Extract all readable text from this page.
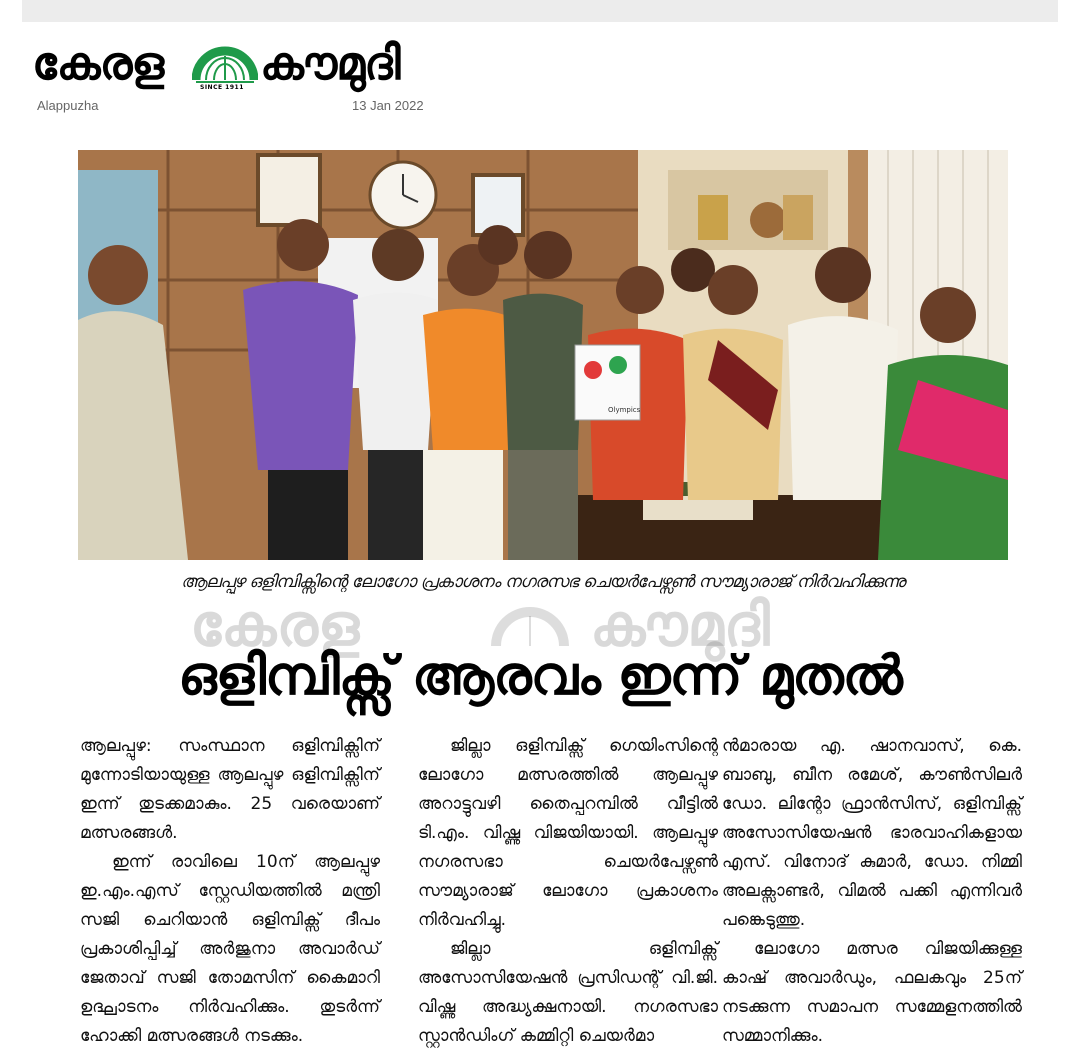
കേരള	SINCE 1911 കൗമുദി
Alappuzha	13 Jan 2022
Olympics
ആലപ്പുഴ ഒളിമ്പിക്സിന്റെ ലോഗോ പ്രകാശനം നഗരസഭ ചെയർപേഴ്സൺ സൗമ്യാരാജ് നിർവഹിക്കുന്നു
കേരള	കൗമുദി
ഒളിമ്പിക്സ് ആരവം ഇന്ന് മുതൽ

ആലപ്പുഴ: സംസ്ഥാന ഒളിമ്പിക്സിന് മുന്നോടിയായുള്ള ആലപ്പുഴ ഒളിമ്പിക്സിന് ഇന്ന് തുടക്കമാകും. 25 വരെയാണ് മത്സരങ്ങൾ.

ഇന്ന് രാവിലെ 10ന് ആലപ്പുഴ ഇ.എം.എസ് സ്റ്റേഡിയത്തിൽ മന്ത്രി സജി ചെറിയാൻ ഒളിമ്പിക്സ് ദീപം പ്രകാശിപ്പിച്ച് അർജുനാ അവാർഡ് ജേതാവ് സജി തോമസിന് കൈമാറി ഉദ്ഘാടനം നിർവഹിക്കും. തുടർന്ന് ഹോക്കി മത്സരങ്ങൾ നടക്കും.

ജില്ലാ ഒളിമ്പിക്സ് ഗെയിംസിന്റെ ലോഗോ മത്സരത്തിൽ ആലപ്പുഴ അറാട്ടുവഴി തൈപ്പറമ്പിൽ വീട്ടിൽ ടി.എം. വിഷ്ണു വിജയിയായി. ആലപ്പുഴ നഗരസഭാ ചെയർപേഴ്സൺ സൗമ്യാരാജ് ലോഗോ പ്രകാശനം നിർവഹിച്ചു.

ജില്ലാ ഒളിമ്പിക്സ് അസോസിയേഷൻ പ്രസിഡന്റ് വി.ജി. വിഷ്ണു അദ്ധ്യക്ഷനായി. നഗരസഭാ സ്റ്റാൻഡിംഗ് കമ്മിറ്റി ചെയർമാ

ൻമാരായ എ. ഷാനവാസ്, കെ. ബാബു, ബീന രമേശ്, കൗൺസിലർ ഡോ. ലിന്റോ ഫ്രാൻസിസ്, ഒളിമ്പിക്സ് അസോസിയേഷൻ ഭാരവാഹികളായ എസ്. വിനോദ് കുമാർ, ഡോ. നിമ്മി അലക്സാണ്ടർ, വിമൽ പക്കി എന്നിവർ പങ്കെടുത്തു.

ലോഗോ മത്സര വിജയിക്കുള്ള കാഷ് അവാർഡും, ഫലകവും 25ന് നടക്കുന്ന സമാപന സമ്മേളനത്തിൽ സമ്മാനിക്കും.
